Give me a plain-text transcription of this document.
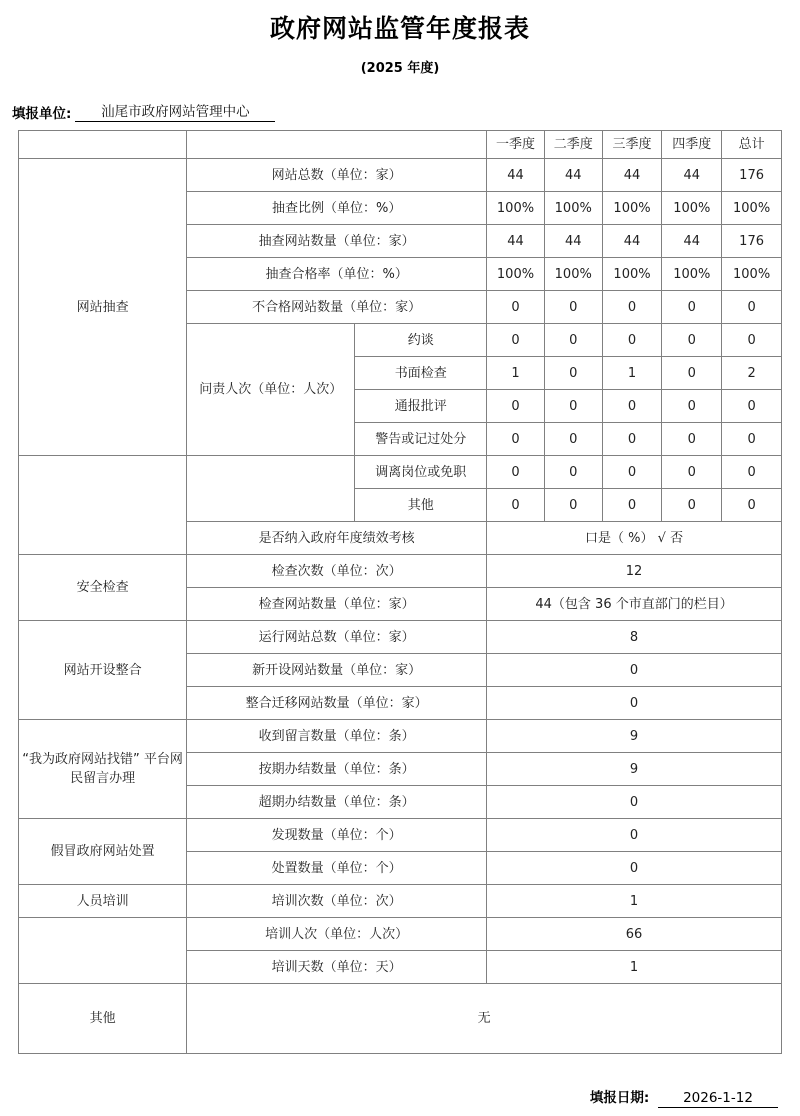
政府网站监管年度报表
(2025 年度)
填报单位:	汕尾市政府网站管理中心
			一季度	二季度	三季度	四季度	总计
网站抽查	网站总数（单位：家）		44	44	44	44	176
	抽查比例（单位：%）		100%	100%	100%	100%	100%
	抽查网站数量（单位：家）		44	44	44	44	176
	抽查合格率（单位：%）		100%	100%	100%	100%	100%
	不合格网站数量（单位：家）		0	0	0	0	0
	问责人次（单位：人次）	约谈	0	0	0	0	0
		书面检查	1	0	1	0	2
		通报批评	0	0	0	0	0
		警告或记过处分	0	0	0	0	0
		调离岗位或免职	0	0	0	0	0
		其他	0	0	0	0	0
	是否纳入政府年度绩效考核		口是（ %） √ 否				
安全检查	检查次数（单位：次）		12				
	检查网站数量（单位：家）		44（包含 36 个市直部门的栏目）				
网站开设整合	运行网站总数（单位：家）		8				
	新开设网站数量（单位：家）		0				
	整合迁移网站数量（单位：家）		0				
“我为政府网站找错” 平台网
民留言办理	收到留言数量（单位：条）		9				
	按期办结数量（单位：条）		9				
	超期办结数量（单位：条）		0				
假冒政府网站处置	发现数量（单位：个）		0				
	处置数量（单位：个）		0				
人员培训	培训次数（单位：次）		1				
	培训人次（单位：人次）		66				
	培训天数（单位：天）		1				
其他	无						
填报日期:	2026-1-12
